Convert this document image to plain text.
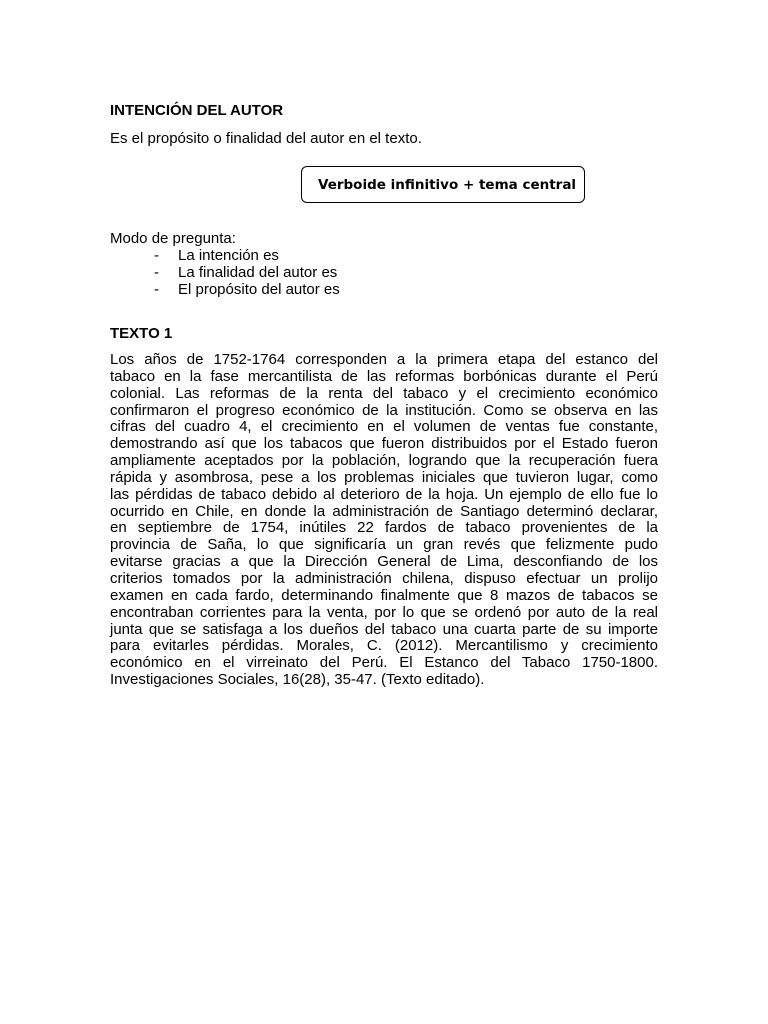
INTENCIÓN DEL AUTOR
Es el propósito o finalidad del autor en el texto.
Verboide infinitivo + tema central
Modo de pregunta:
-	La intención es
-	La finalidad del autor es
-	El propósito del autor es
TEXTO 1
Los años de 1752-1764 corresponden a la primera etapa del estanco del
tabaco en la fase mercantilista de las reformas borbónicas durante el Perú
colonial. Las reformas de la renta del tabaco y el crecimiento económico
confirmaron el progreso económico de la institución. Como se observa en las
cifras del cuadro 4, el crecimiento en el volumen de ventas fue constante,
demostrando así que los tabacos que fueron distribuidos por el Estado fueron
ampliamente aceptados por la población, logrando que la recuperación fuera
rápida y asombrosa, pese a los problemas iniciales que tuvieron lugar, como
las pérdidas de tabaco debido al deterioro de la hoja. Un ejemplo de ello fue lo
ocurrido en Chile, en donde la administración de Santiago determinó declarar,
en septiembre de 1754, inútiles 22 fardos de tabaco provenientes de la
provincia de Saña, lo que significaría un gran revés que felizmente pudo
evitarse gracias a que la Dirección General de Lima, desconfiando de los
criterios tomados por la administración chilena, dispuso efectuar un prolijo
examen en cada fardo, determinando finalmente que 8 mazos de tabacos se
encontraban corrientes para la venta, por lo que se ordenó por auto de la real
junta que se satisfaga a los dueños del tabaco una cuarta parte de su importe
para evitarles pérdidas. Morales, C. (2012). Mercantilismo y crecimiento
económico en el virreinato del Perú. El Estanco del Tabaco 1750-1800.
Investigaciones Sociales, 16(28), 35-47. (Texto editado).
